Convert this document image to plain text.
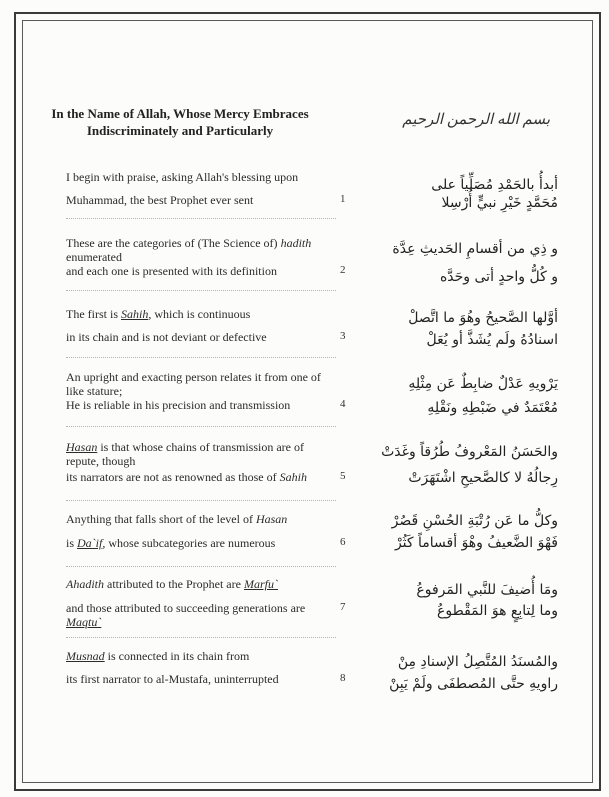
In the Name of Allah, Whose Mercy Embraces
Indiscriminately and Particularly
بسم الله الرحمن الرحيم
I begin with praise, asking Allah's blessing upon
Muhammad, the best Prophet ever sent	1
أبدأُ بالحَمْدِ مُصَلِّياً على
مُحَمَّدٍ خَيْرِ نبيٍّ أُرْسِلا
These are the categories of (The Science of) hadith enumerated
and each one is presented with its definition	2
و ذِي من أقسامِ الحَديثِ عِدَّة
و كُلُّ واحدٍ أتى وحَدَّه
The first is Sahih, which is continuous
in its chain and is not deviant or defective	3
أوَّلها الصَّحيحُ وهُوَ ما اتَّصلْ
اسنادُهُ ولَم يُشَذَّ أو يُعَلْ
An upright and exacting person relates it from one of like stature;
He is reliable in his precision and transmission	4
يَرْويهِ عَدْلٌ ضابِطٌ عَن مِثْلِهِ
مُعْتَمَدٌ في ضَبْطِهِ ونَقْلِهِ
Hasan is that whose chains of transmission are of repute, though
its narrators are not as renowned as those of Sahih	5
والحَسَنُ المَعْروفُ طُرُقاً وغَدَتْ
رِجالُهُ لا كالصَّحيحِ اشْتَهَرَتْ
Anything that falls short of the level of Hasan
is Da`if, whose subcategories are numerous	6
وكلُّ ما عَن رُتْبَةِ الحُسْنِ قَصُرْ
فَهْوَ الضَّعيفُ وهْوَ أقساماً كَثُرْ
Ahadith attributed to the Prophet are Marfu`
and those attributed to succeeding generations are Maqtu`
7
ومَا أُضيفَ للنَّبي المَرفوعُ
وما لِتابِعٍ هوَ المَقْطوعُ
Musnad is connected in its chain from
its first narrator to al-Mustafa, uninterrupted	8
والمُسنَدُ المُتَّصِلُ الإسنادِ مِنْ
راويهِ حتَّى المُصطفَى ولَمْ يَبِنْ
